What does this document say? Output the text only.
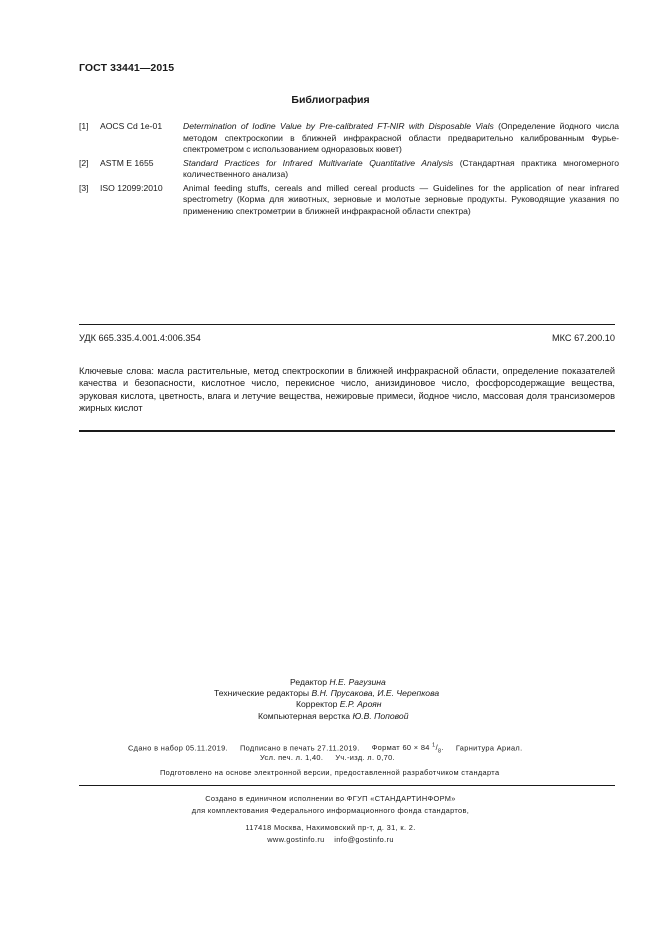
ГОСТ 33441—2015
Библиография
[1]	AOCS Cd 1e-01	Determination of Iodine Value by Pre-calibrated FT-NIR with Disposable Vials (Определение йодного числа методом спектроскопии в ближней инфракрасной области предварительно калиброванным Фурье-спектрометром с использованием одноразовых кювет)
[2]	ASTM E 1655	Standard Practices for Infrared Multivariate Quantitative Analysis (Стандартная практика многомерного количественного анализа)
[3]	ISO 12099:2010	Animal feeding stuffs, cereals and milled cereal products — Guidelines for the application of near infrared spectrometry (Корма для животных, зерновые и молотые зерновые продукты. Руководящие указания по применению спектрометрии в ближней инфракрасной области спектра)
УДК 665.335.4.001.4:006.354	МКС 67.200.10
Ключевые слова: масла растительные, метод спектроскопии в ближней инфракрасной области, определение показателей качества и безопасности, кислотное число, перекисное число, анизидиновое число, фосфорсодержащие вещества, эруковая кислота, цветность, влага и летучие вещества, нежировые примеси, йодное число, массовая доля трансизомеров жирных кислот
Редактор Н.Е. Рагузина
Технические редакторы В.Н. Прусакова, И.Е. Черепкова
Корректор Е.Р. Ароян
Компьютерная верстка Ю.В. Поповой
Сдано в набор 05.11.2019. Подписано в печать 27.11.2019. Формат 60 × 84 $^1/_8$. Гарнитура Ариал.
Усл. печ. л. 1,40. Уч.-изд. л. 0,70.
Подготовлено на основе электронной версии, предоставленной разработчиком стандарта
Создано в единичном исполнении во ФГУП «СТАНДАРТИНФОРМ»
для комплектования Федерального информационного фонда стандартов,
117418 Москва, Нахимовский пр-т, д. 31, к. 2.
www.gostinfo.ru info@gostinfo.ru
